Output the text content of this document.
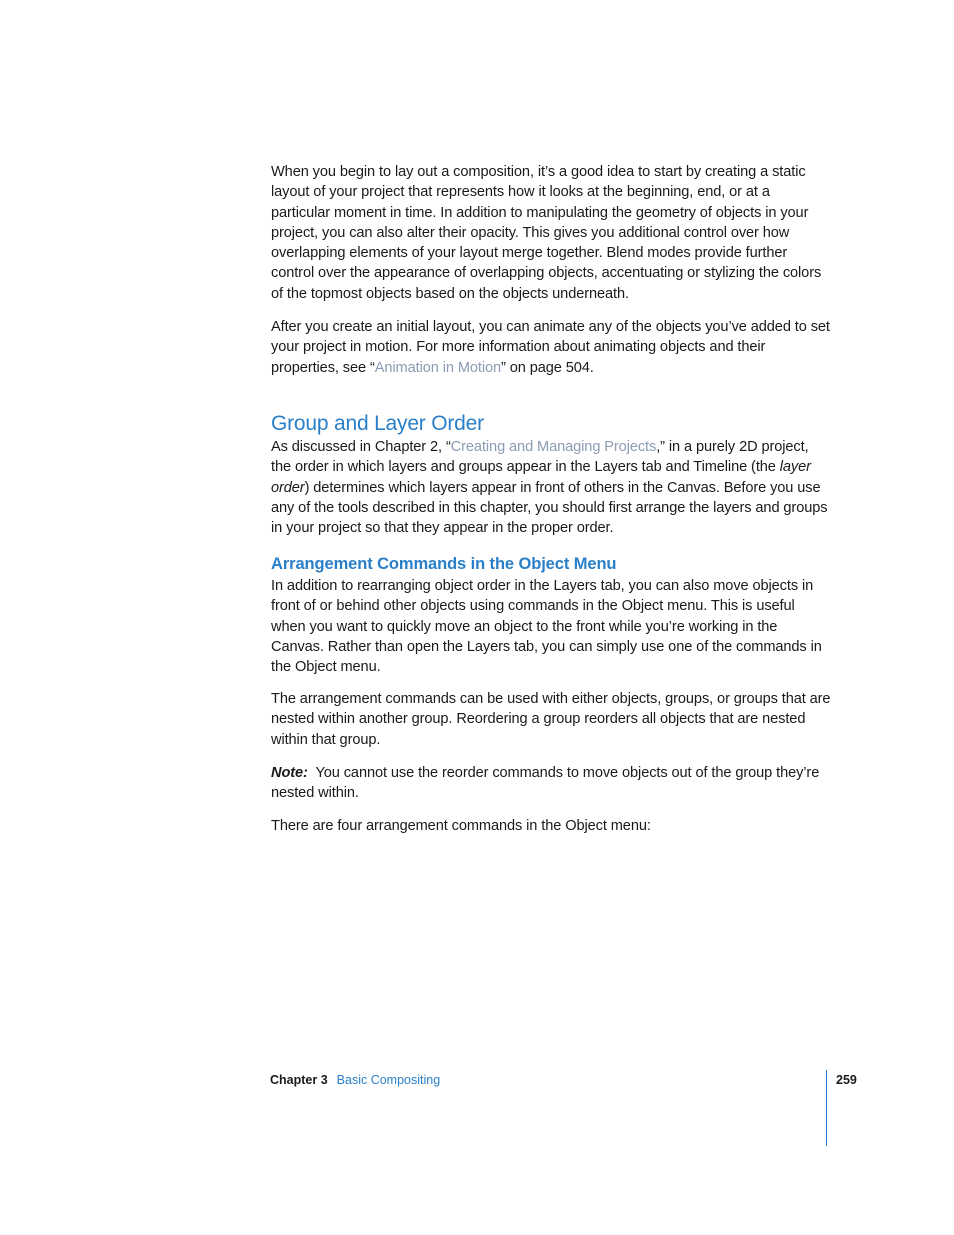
When you begin to lay out a composition, it’s a good idea to start by creating a static layout of your project that represents how it looks at the beginning, end, or at a particular moment in time. In addition to manipulating the geometry of objects in your project, you can also alter their opacity. This gives you additional control over how overlapping elements of your layout merge together. Blend modes provide further control over the appearance of overlapping objects, accentuating or stylizing the colors of the topmost objects based on the objects underneath.

After you create an initial layout, you can animate any of the objects you’ve added to set your project in motion. For more information about animating objects and their properties, see “Animation in Motion” on page 504.

Group and Layer Order

As discussed in Chapter 2, “Creating and Managing Projects,” in a purely 2D project, the order in which layers and groups appear in the Layers tab and Timeline (the layer order) determines which layers appear in front of others in the Canvas. Before you use any of the tools described in this chapter, you should first arrange the layers and groups in your project so that they appear in the proper order.

Arrangement Commands in the Object Menu

In addition to rearranging object order in the Layers tab, you can also move objects in front of or behind other objects using commands in the Object menu. This is useful when you want to quickly move an object to the front while you’re working in the Canvas. Rather than open the Layers tab, you can simply use one of the commands in the Object menu.

The arrangement commands can be used with either objects, groups, or groups that are nested within another group. Reordering a group reorders all objects that are nested within that group.

Note: You cannot use the reorder commands to move objects out of the group they’re nested within.

There are four arrangement commands in the Object menu:

Chapter 3 Basic Compositing	259
